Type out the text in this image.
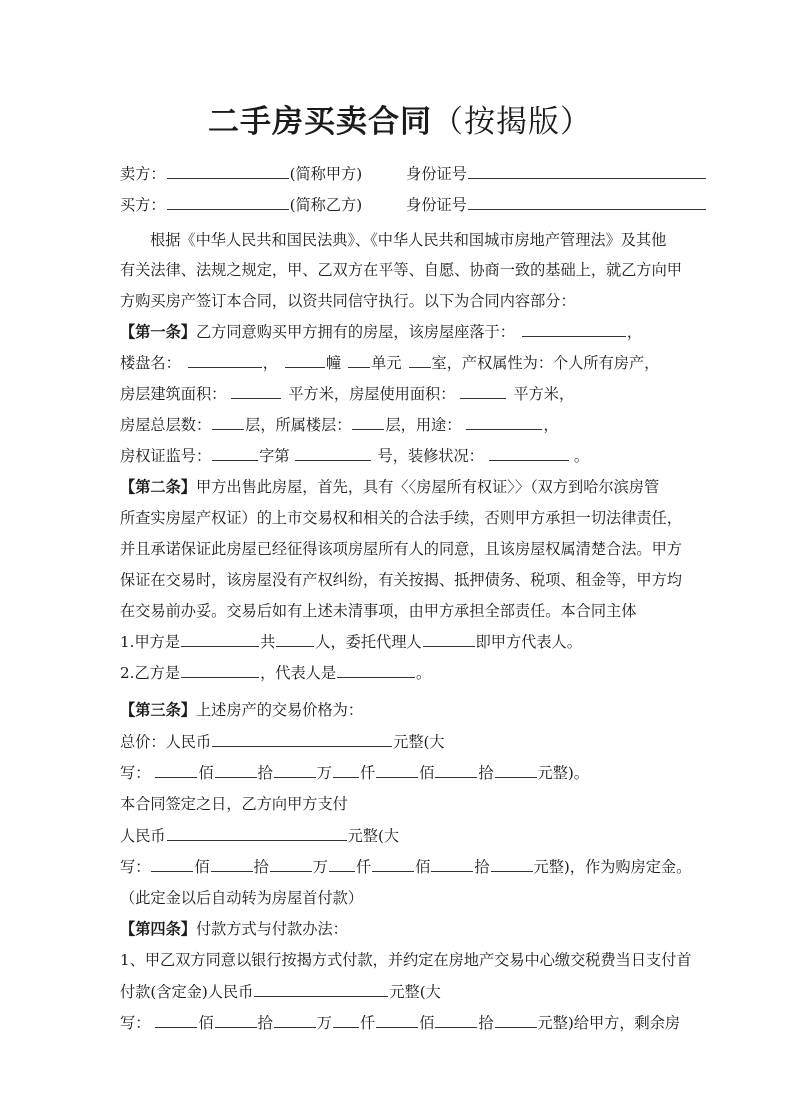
二手房买卖合同（按揭版）
卖方：	(简称甲方)	身份证号
买方：	(简称乙方)	身份证号
根据《中华人民共和国民法典》、《中华人民共和国城市房地产管理法》及其他
有关法律、法规之规定，甲、乙双方在平等、自愿、协商一致的基础上，就乙方向甲
方购买房产签订本合同，以资共同信守执行。以下为合同内容部分：
【第一条】乙方同意购买甲方拥有的房屋，该房屋座落于：	，
楼盘名：	，	幢 单元 室，产权属性为：个人所有房产，
房层建筑面积：	平方米，房屋使用面积：	平方米，
房屋总层数： 层，所属楼层： 层，用途：	，
房权证监号：	字第	号，装修状况：	。
【第二条】甲方出售此房屋，首先，具有〈〈房屋所有权证〉〉（双方到哈尔滨房管
所查实房屋产权证）的上市交易权和相关的合法手续，否则甲方承担一切法律责任，
并且承诺保证此房屋已经征得该项房屋所有人的同意，且该房屋权属清楚合法。甲方
保证在交易时，该房屋没有产权纠纷，有关按揭、抵押债务、税项、租金等，甲方均
在交易前办妥。交易后如有上述未清事项，由甲方承担全部责任。本合同主体
1.甲方是	共	人，委托代理人	即甲方代表人。
2.乙方是	，代表人是	。
【第三条】上述房产的交易价格为：
总价：人民币	元整(大
写：	佰	拾	万 仟	佰	拾	元整)。
本合同签定之日，乙方向甲方支付
人民币	元整(大
写：	佰	拾	万 仟	佰	拾	元整)，作为购房定金。
（此定金以后自动转为房屋首付款）
【第四条】付款方式与付款办法：
1、甲乙双方同意以银行按揭方式付款，并约定在房地产交易中心缴交税费当日支付首
付款(含定金)人民币	元整(大
写：	佰	拾	万 仟	佰	拾	元整)给甲方，剩余房
